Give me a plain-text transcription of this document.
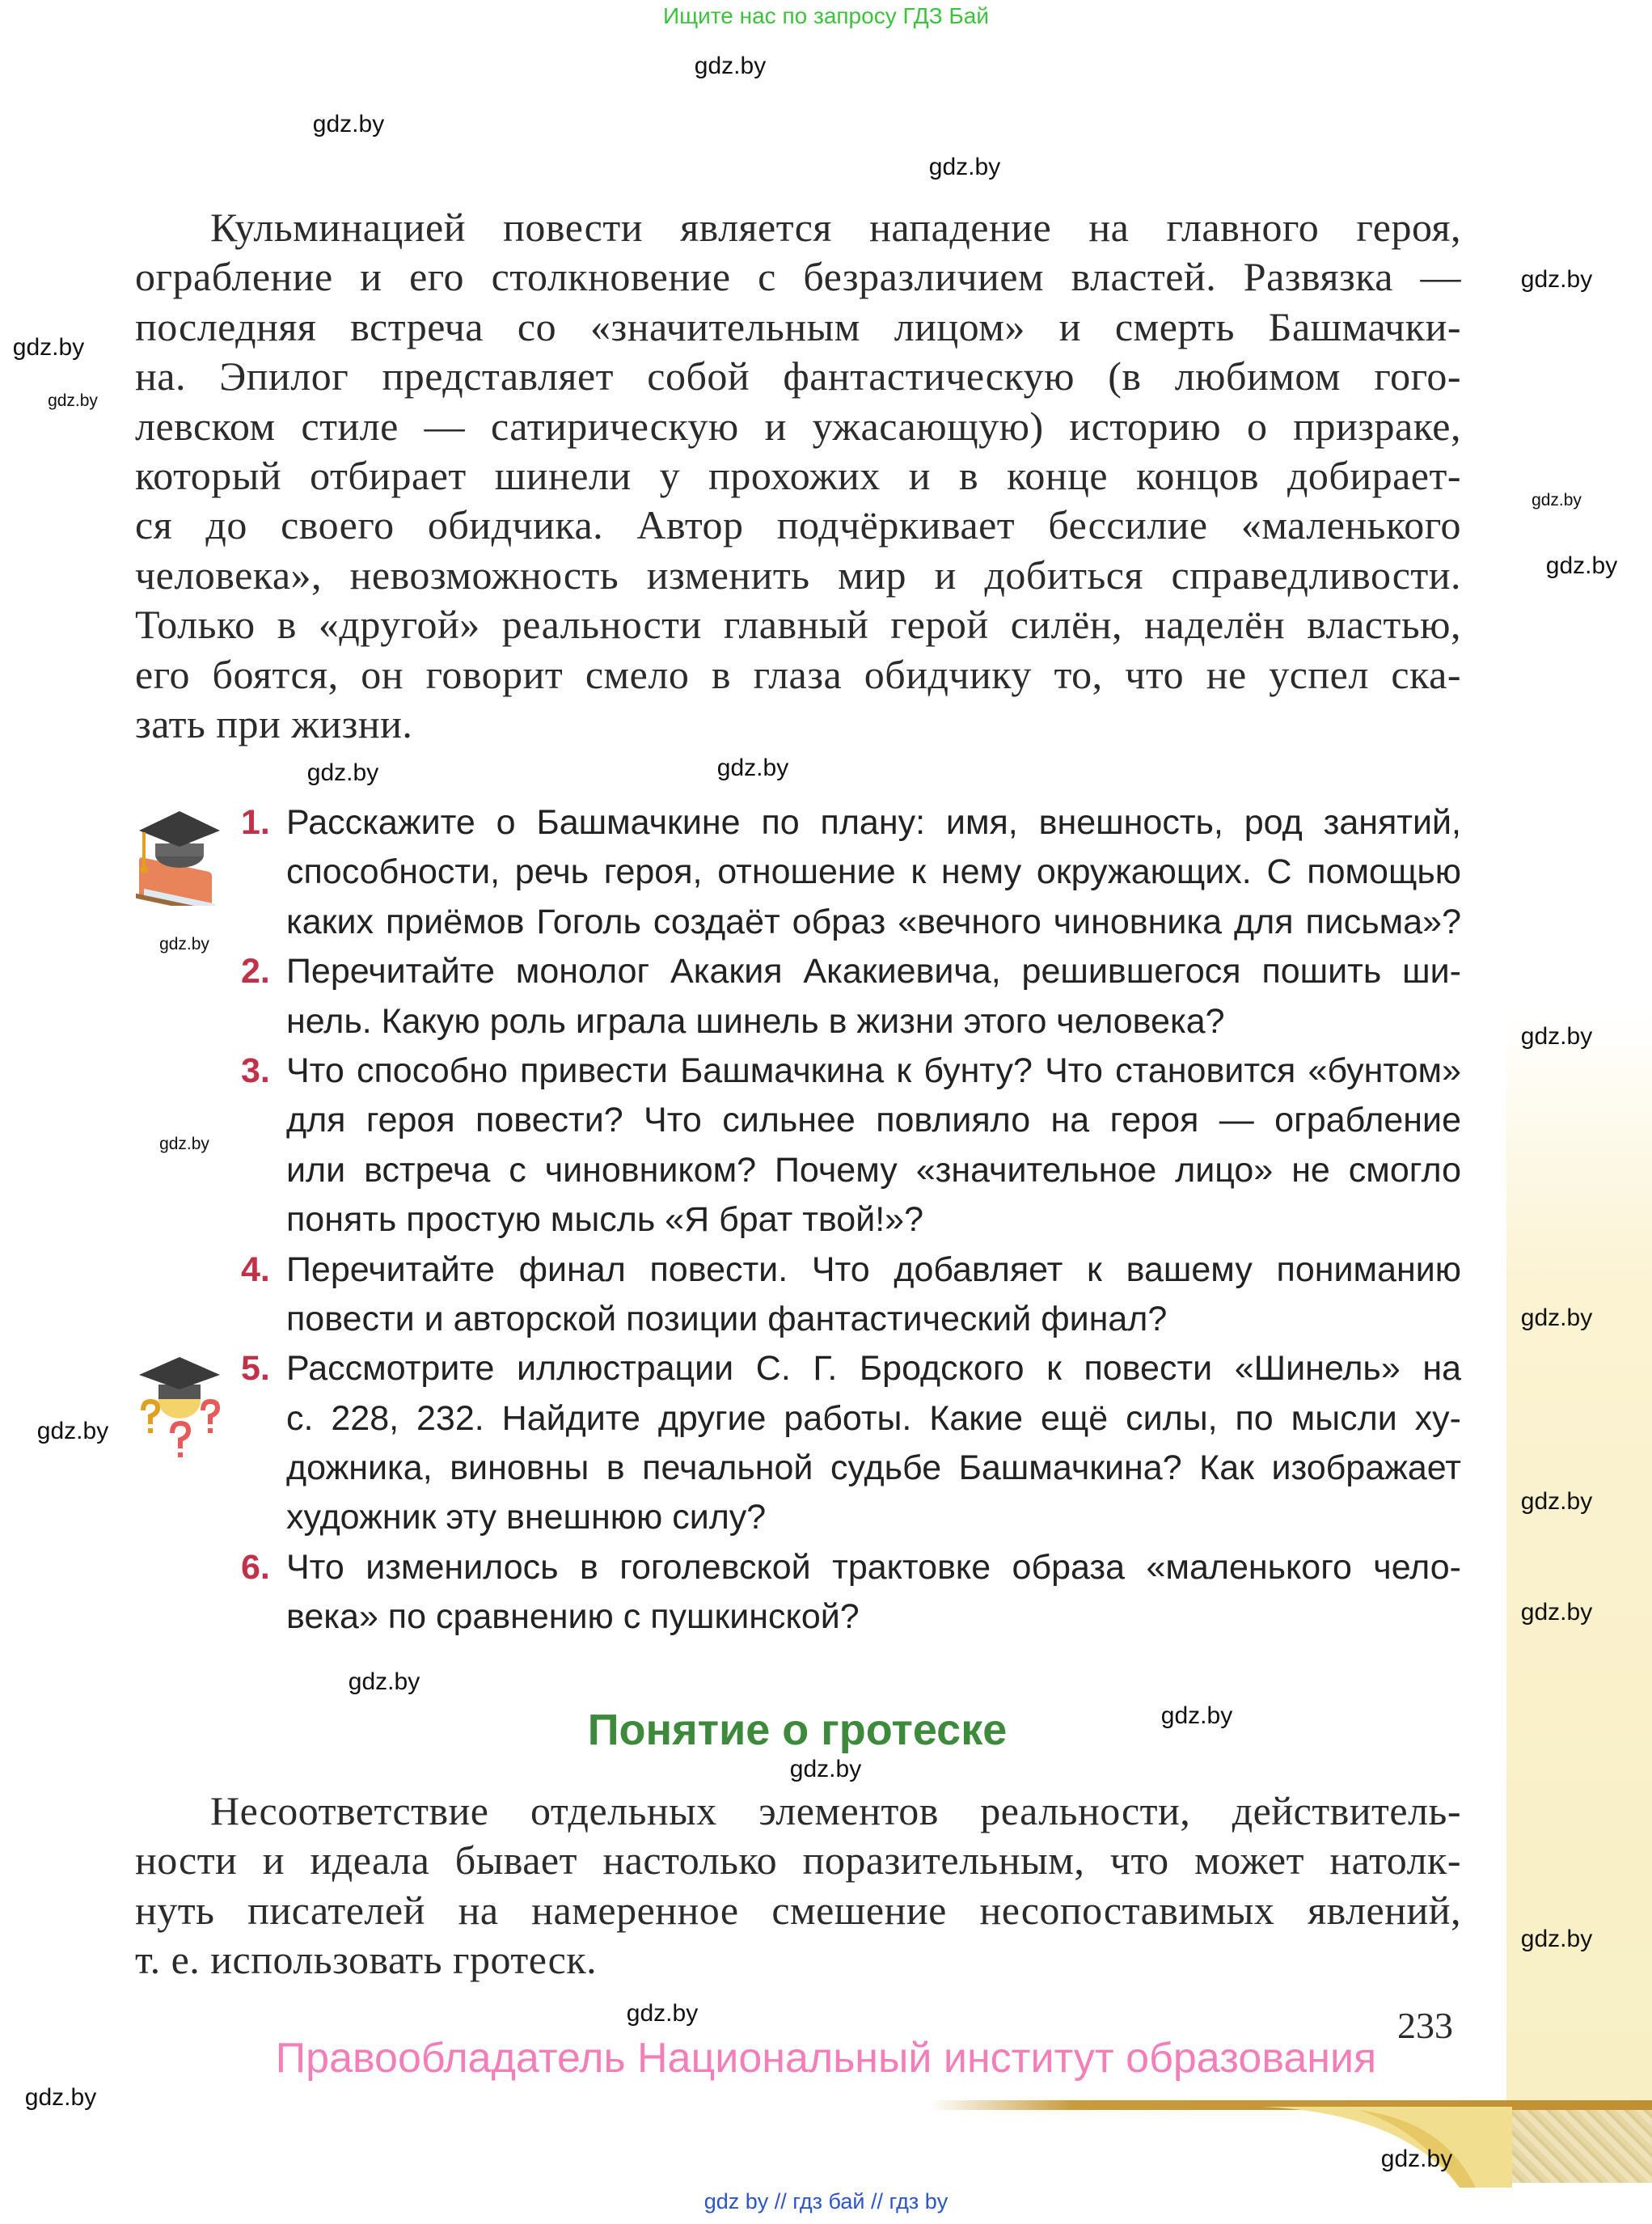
Ищите нас по запросу ГДЗ Бай
Кульминацией повести является нападение на главного героя,
ограбление и его столкновение с безразличием властей. Развязка —
последняя встреча со «значительным лицом» и смерть Башмачки-
на. Эпилог представляет собой фантастическую (в любимом гого-
левском стиле — сатирическую и ужасающую) историю о призраке,
который отбирает шинели у прохожих и в конце концов добирает-
ся до своего обидчика. Автор подчёркивает бессилие «маленького
человека», невозможность изменить мир и добиться справедливости.
Только в «другой» реальности главный герой силён, наделён властью,
его боятся, он говорит смело в глаза обидчику то, что не успел ска-
зать при жизни.
1. Расскажите о Башмачкине по плану: имя, внешность, род занятий,
способности, речь героя, отношение к нему окружающих. С помощью
каких приёмов Гоголь создаёт образ «вечного чиновника для письма»?
2. Перечитайте монолог Акакия Акакиевича, решившегося пошить ши-
нель. Какую роль играла шинель в жизни этого человека?
3. Что способно привести Башмачкина к бунту? Что становится «бунтом»
для героя повести? Что сильнее повлияло на героя — ограбление
или встреча с чиновником? Почему «значительное лицо» не смогло
понять простую мысль «Я брат твой!»?
4. Перечитайте финал повести. Что добавляет к вашему пониманию
повести и авторской позиции фантастический финал?
5. Рассмотрите иллюстрации С. Г. Бродского к повести «Шинель» на
с. 228, 232. Найдите другие работы. Какие ещё силы, по мысли ху-
дожника, виновны в печальной судьбе Башмачкина? Как изображает
художник эту внешнюю силу?
6. Что изменилось в гоголевской трактовке образа «маленького чело-
века» по сравнению с пушкинской?
Понятие о гротеске
Несоответствие отдельных элементов реальности, действитель-
ности и идеала бывает настолько поразительным, что может натолк-
нуть писателей на намеренное смешение несопоставимых явлений,
т. е. использовать гротеск.
233
Правообладатель Национальный институт образования
gdz by // гдз бай // гдз by
gdz.by
gdz.by
gdz.by
gdz.by
gdz.by
gdz.by
gdz.by
gdz.by
gdz.by
gdz.by
gdz.by
gdz.by
gdz.by
gdz.by
gdz.by
gdz.by
gdz.by
gdz.by
gdz.by
gdz.by
gdz.by
gdz.by
gdz.by
gdz.by
